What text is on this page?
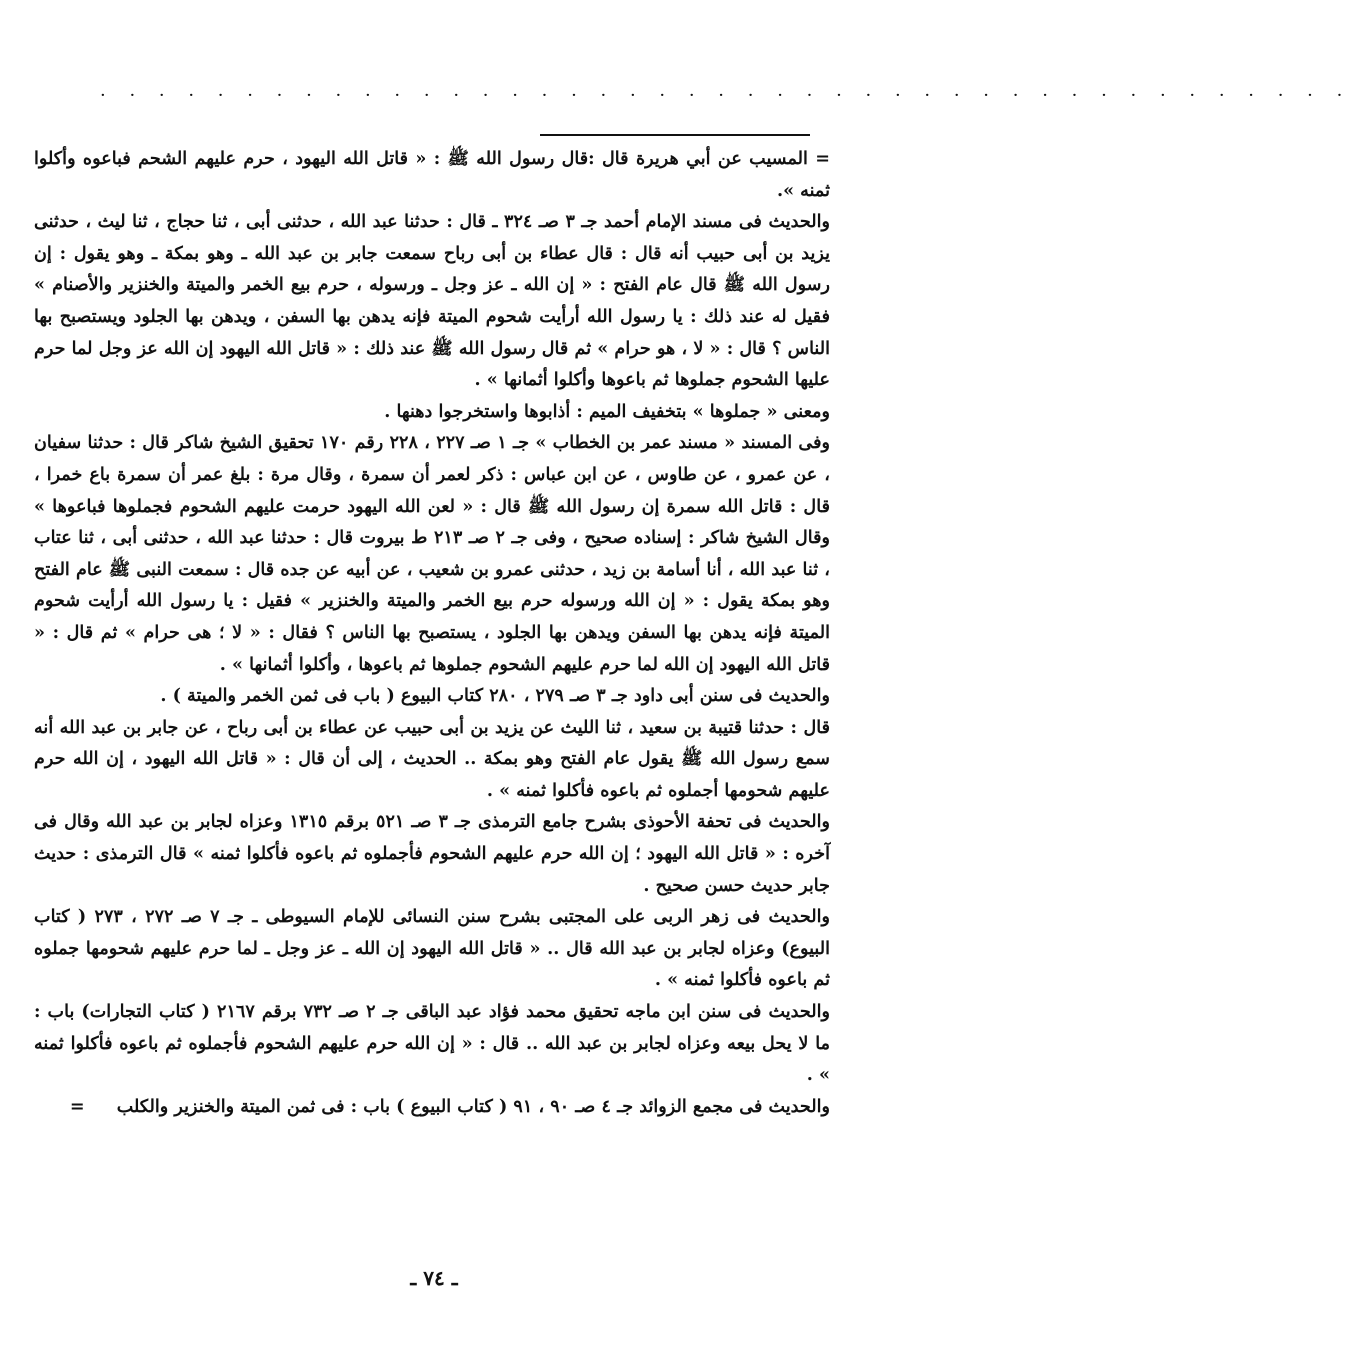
· · · · · · · · · · · · · · · · · · · · · · · · · · · · · · · · · · · · · · · · · · ·

= المسيب عن أبي هريرة قال :قال رسول الله ﷺ : « قاتل الله اليهود ، حرم عليهم الشحم فباعوه وأكلوا ثمنه ».

والحديث فى مسند الإمام أحمد جـ ٣ صـ ٣٢٤ ـ قال : حدثنا عبد الله ، حدثنى أبى ، ثنا حجاج ، ثنا ليث ، حدثنى يزيد بن أبى حبيب أنه قال : قال عطاء بن أبى رباح سمعت جابر بن عبد الله ـ وهو بمكة ـ وهو يقول : إن رسول الله ﷺ قال عام الفتح : « إن الله ـ عز وجل ـ ورسوله ، حرم بيع الخمر والميتة والخنزير والأصنام » فقيل له عند ذلك : يا رسول الله أرأيت شحوم الميتة فإنه يدهن بها السفن ، ويدهن بها الجلود ويستصبح بها الناس ؟ قال : « لا ، هو حرام » ثم قال رسول الله ﷺ عند ذلك : « قاتل الله اليهود إن الله عز وجل لما حرم عليها الشحوم جملوها ثم باعوها وأكلوا أثمانها » .

ومعنى « جملوها » بتخفيف الميم : أذابوها واستخرجوا دهنها .

وفى المسند « مسند عمر بن الخطاب » جـ ١ صـ ٢٢٧ ، ٢٢٨ رقم ١٧٠ تحقيق الشيخ شاكر قال : حدثنا سفيان ، عن عمرو ، عن طاوس ، عن ابن عباس : ذكر لعمر أن سمرة ، وقال مرة : بلغ عمر أن سمرة باع خمرا ، قال : قاتل الله سمرة إن رسول الله ﷺ قال : « لعن الله اليهود حرمت عليهم الشحوم فجملوها فباعوها » وقال الشيخ شاكر : إسناده صحيح ، وفى جـ ٢ صـ ٢١٣ ط بيروت قال : حدثنا عبد الله ، حدثنى أبى ، ثنا عتاب ، ثنا عبد الله ، أنا أسامة بن زيد ، حدثنى عمرو بن شعيب ، عن أبيه عن جده قال : سمعت النبى ﷺ عام الفتح وهو بمكة يقول : « إن الله ورسوله حرم بيع الخمر والميتة والخنزير » فقيل : يا رسول الله أرأيت شحوم الميتة فإنه يدهن بها السفن ويدهن بها الجلود ، يستصبح بها الناس ؟ فقال : « لا ؛ هى حرام » ثم قال : « قاتل الله اليهود إن الله لما حرم عليهم الشحوم جملوها ثم باعوها ، وأكلوا أثمانها » .

والحديث فى سنن أبى داود جـ ٣ صـ ٢٧٩ ، ٢٨٠ كتاب البيوع ( باب فى ثمن الخمر والميتة ) .

قال : حدثنا قتيبة بن سعيد ، ثنا الليث عن يزيد بن أبى حبيب عن عطاء بن أبى رباح ، عن جابر بن عبد الله أنه سمع رسول الله ﷺ يقول عام الفتح وهو بمكة .. الحديث ، إلى أن قال : « قاتل الله اليهود ، إن الله حرم عليهم شحومها أجملوه ثم باعوه فأكلوا ثمنه » .

والحديث فى تحفة الأحوذى بشرح جامع الترمذى جـ ٣ صـ ٥٢١ برقم ١٣١٥ وعزاه لجابر بن عبد الله وقال فى آخره : « قاتل الله اليهود ؛ إن الله حرم عليهم الشحوم فأجملوه ثم باعوه فأكلوا ثمنه » قال الترمذى : حديث جابر حديث حسن صحيح .

والحديث فى زهر الربى على المجتبى بشرح سنن النسائى للإمام السيوطى ـ جـ ٧ صـ ٢٧٢ ، ٢٧٣ ( كتاب البيوع) وعزاه لجابر بن عبد الله قال .. « قاتل الله اليهود إن الله ـ عز وجل ـ لما حرم عليهم شحومها جملوه ثم باعوه فأكلوا ثمنه » .

والحديث فى سنن ابن ماجه تحقيق محمد فؤاد عبد الباقى جـ ٢ صـ ٧٣٢ برقم ٢١٦٧ ( كتاب التجارات) باب : ما لا يحل بيعه وعزاه لجابر بن عبد الله .. قال : « إن الله حرم عليهم الشحوم فأجملوه ثم باعوه فأكلوا ثمنه » .

والحديث فى مجمع الزوائد جـ ٤ صـ ٩٠ ، ٩١ ( كتاب البيوع ) باب : فى ثمن الميتة والخنزير والكلب =

ـ ٧٤ ـ
